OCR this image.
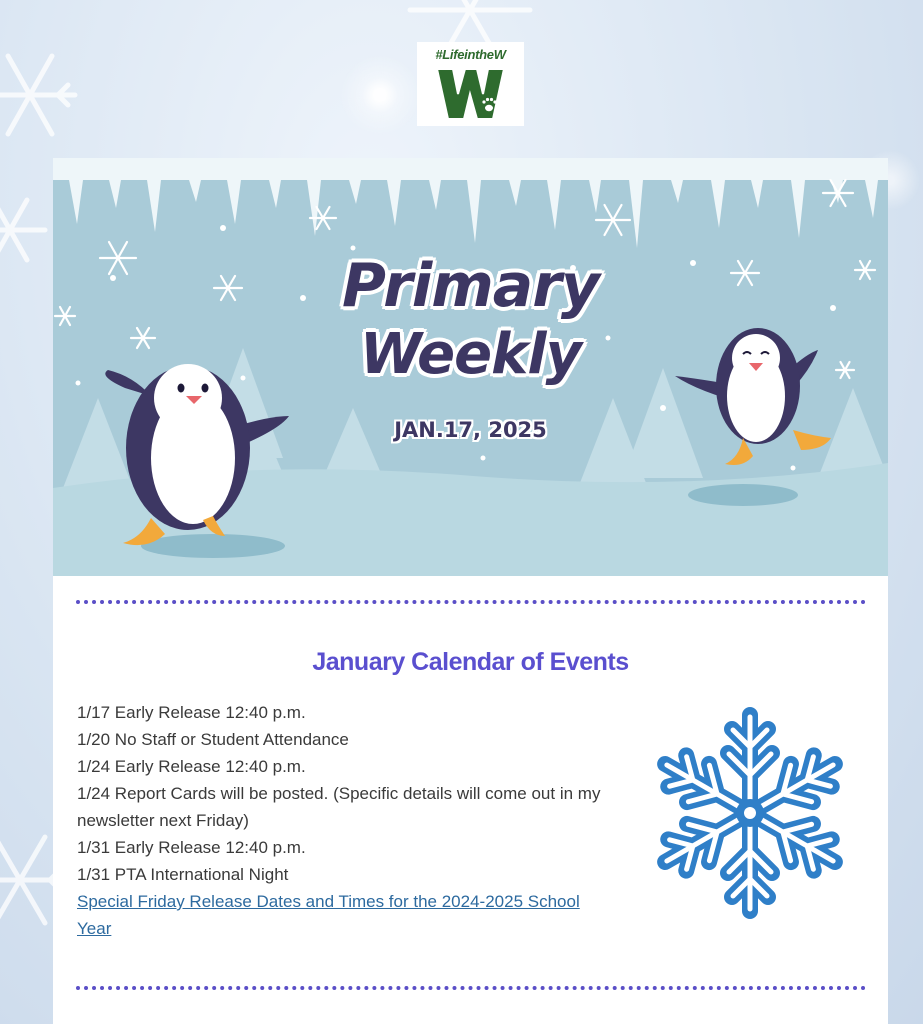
#LifeintheW
Primary
Weekly
JAN.17, 2025
January Calendar of Events
1/17 Early Release 12:40 p.m.
1/20 No Staff or Student Attendance
1/24 Early Release 12:40 p.m.
1/24 Report Cards will be posted. (Specific details will come out in my newsletter next Friday)
1/31 Early Release 12:40 p.m.
1/31 PTA International Night
Special Friday Release Dates and Times for the 2024-2025 School Year
